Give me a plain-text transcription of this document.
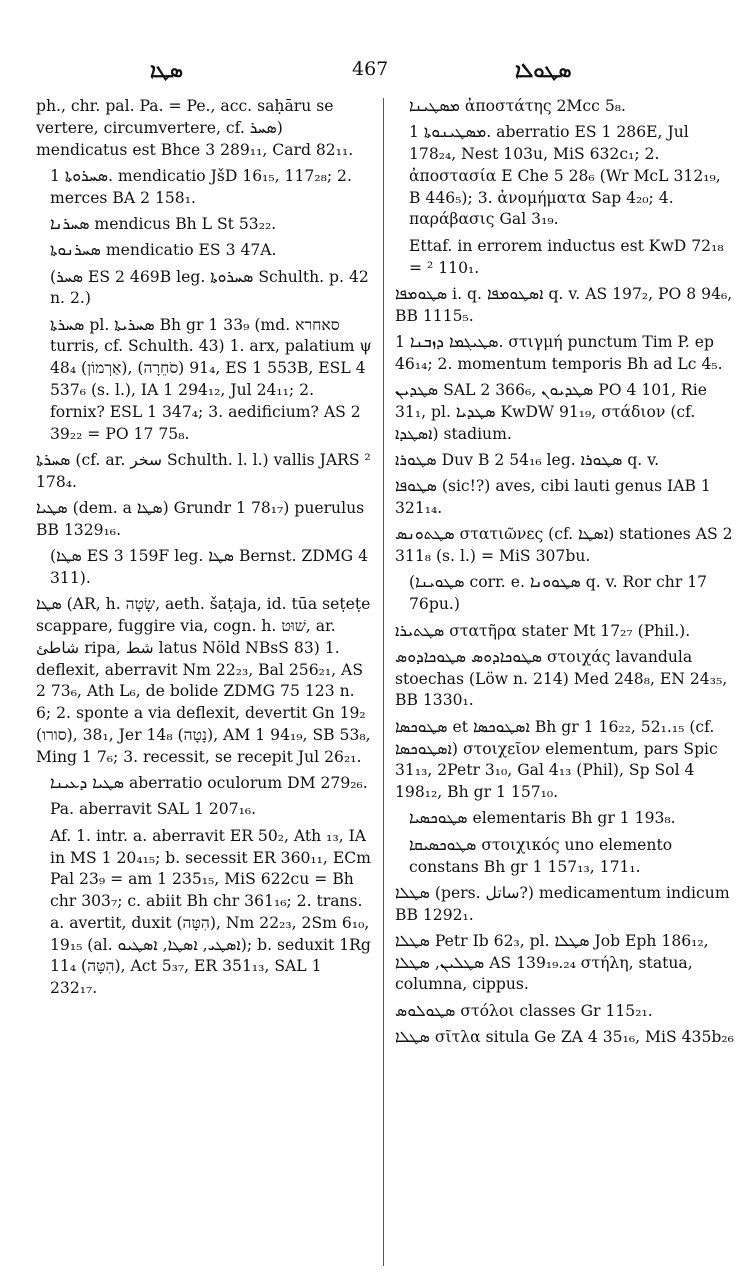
ܣܛܐ	467	ܣܛܘܠܐ
ph., chr. pal. Pa. = Pe., acc. saḥāru se vertere, circumvertere, cf. ܣܚܪ) mendicatus est Bhce 3 289₁₁, Card 82₁₁.
ܣܚܪܘܬܐ 1. mendicatio JšD 16₁₅, 117₂₈; 2. merces BA 2 158₁.
ܣܚܪܢܐ mendicus Bh L St 53₂₂.
ܣܚܪܢܘܬܐ mendicatio ES 3 47A.
(ܣܚܪ ES 2 469B leg. ܣܚܪܘܬܐ Schulth. p. 42 n. 2.)
ܣܚܪܬܐ pl. ܣܚܪܝܬܐ Bh gr 1 33₉ (md. סאחרא turris, cf. Schulth. 43) 1. arx, palatium ψ 48₄ (אַרְמוֹן), 91₄ (סֹחֵרָה), ES 1 553B, ESL 4 537₆ (s. l.), IA 1 294₁₂, Jul 24₁₁; 2. fornix? ESL 1 347₄; 3. aedificium? AS 2 39₂₂ = PO 17 75₈.
ܣܚܪܬܐ (cf. ar. سخر Schulth. l. l.) vallis JARS ² 178₄.
ܣܛܝܐ (dem. a ܣܛܐ) Grundr 1 78₁₇) puerulus BB 1329₁₆.
(ܣܛܐ ES 3 159F leg. ܣܛܐ Bernst. ZDMG 4 311).
ܣܛܐ (AR, h. שָׂטָה, aeth. šaṭaja, id. tūa seṭeṭe scappare, fuggire via, cogn. h. שׁוּט, ar. شاطئ ripa, شط latus Nöld NBsS 83) 1. deflexit, aberravit Nm 22₂₃, Bal 256₂₁, AS 2 73₆, Ath L₆, de bolide ZDMG 75 123 n. 6; 2. sponte a via deflexit, devertit Gn 19₂ (סורו), 38₁, Jer 14₈ (נָטָה), AM 1 94₁₉, SB 53₈, Ming 1 7₆; 3. recessit, se recepit Jul 26₂₁.
ܣܛܝܐ ܕܥܝܢܐ aberratio oculorum DM 279₂₆.
Pa. aberravit SAL 1 207₁₆.
Af. 1. intr. a. aberravit ER 50₂, Ath ₁₃, IA in MS 1 20₄₁₅; b. secessit ER 360₁₁, ECm Pal 23₉ = am 1 235₁₅, MiS 622cu = Bh chr 303₇; c. abiit Bh chr 361₁₆; 2. trans. a. avertit, duxit (הִטָּה), Nm 22₂₃, 2Sm 6₁₀, 19₁₅ (al. ܐܣܛܝ, ܐܣܛܐ, ܐܣܛܝܘ); b. seduxit 1Rg 11₄ (הִטָּה), Act 5₃₇, ER 351₁₃, SAL 1 232₁₇.
ܡܣܛܝܢܐ ἀποστάτης 2Mcc 5₈.
ܡܣܛܝܢܘܬܐ 1. aberratio ES 1 286E, Jul 178₂₄, Nest 103u, MiS 632c₁; 2. ἀποστασία E Che 5 28₆ (Wr McL 312₁₉, B 446₅); 3. ἀνομήματα Sap 4₂₀; 4. παράβασις Gal 3₁₉.
Ettaf. in errorem inductus est KwD 72₁₈ = ² 110₁.
ܣܛܘܡܦܐ i. q. ܐܣܛܘܡܦܐ q. v. AS 197₂, PO 8 94₆, BB 1115₅.
ܣܛܝܓܡܐ ܕܙܒܢܐ 1. στιγμή punctum Tim P. ep 46₁₄; 2. momentum temporis Bh ad Lc 4₅.
ܣܛܕܝܢ SAL 2 366₆, ܣܛܕܝܘܢ PO 4 101, Rie 31₁, pl. ܣܛܕܝܐ KwDW 91₁₉, στάδιον (cf. ܐܣܛܕܐ) stadium.
ܣܛܘܪܐ Duv B 2 54₁₆ leg. ܣܛܘܪܐ q. v.
ܣܛܘܦܐ (sic!?) aves, cibi lauti genus IAB 1 321₁₄.
ܣܛܬܘܢܣ στατιῶνες (cf. ܐܣܛܐ) stationes AS 2 311₈ (s. l.) = MiS 307bu.
(ܣܛܘܝܢܐ corr. e. ܣܛܘܘܢܐ q. v. Ror chr 17 76pu.)
ܣܛܬܝܪܐ στατῆρα stater Mt 17₂₇ (Phil.).
ܣܛܘܟܐܕܘܣ ܣܛܘܟܐܕܘܣ στοιχάς lavandula stoechas (Löw n. 214) Med 248₈, EN 24₃₅, BB 1330₁.
ܣܛܘܟܣܐ et ܐܣܛܘܟܣܐ Bh gr 1 16₂₂, 52₁.₁₅ (cf. ܐܣܛܘܟܣܐ) στοιχεῖον elementum, pars Spic 31₁₃, 2Petr 3₁₀, Gal 4₁₃ (Phil), Sp Sol 4 198₁₂, Bh gr 1 157₁₀.
ܣܛܘܟܣܝܐ elementaris Bh gr 1 193₈.
ܣܛܘܟܣܝܩܐ στοιχικός uno elemento constans Bh gr 1 157₁₃, 171₁.
ܣܛܠܐ (pers. ساتل?) medicamentum indicum BB 1292₁.
ܣܛܠܐ Petr Ib 62₃, pl. ܣܛܠܐ Job Eph 186₁₂, ܣܛܠܝܢ, ܣܛܠܐ AS 139₁₉.₂₄ στήλη, statua, columna, cippus.
ܣܛܘܠܘܣ στόλοι classes Gr 115₂₁.
ܣܛܠܐ σῖτλα situla Ge ZA 4 35₁₆, MiS 435b₂₆
